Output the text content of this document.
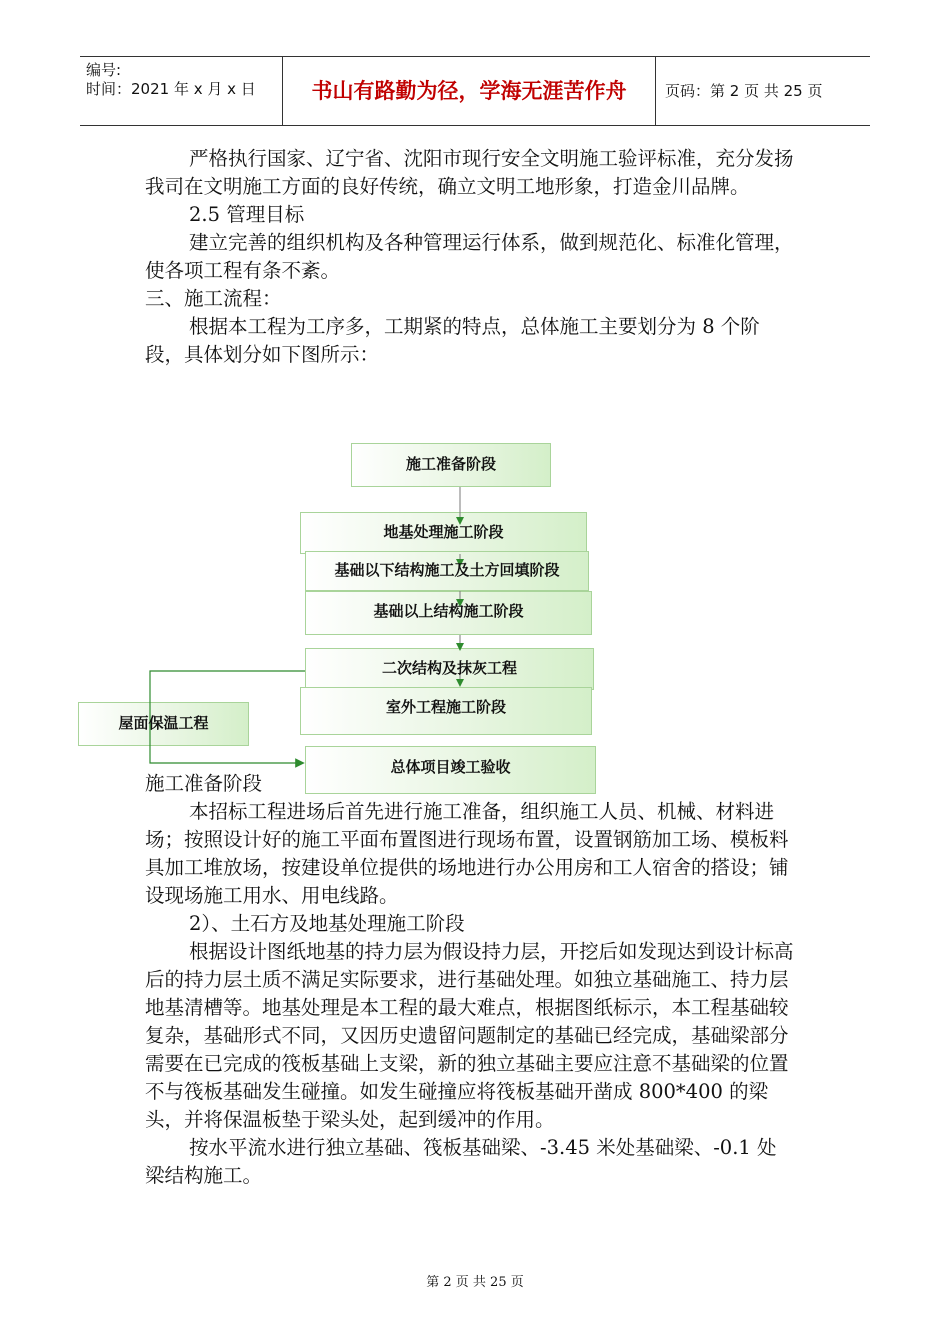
编号:
时间：2021 年 x 月 x 日	书山有路勤为径，学海无涯苦作舟	页码：第 2 页 共 25 页

严格执行国家、辽宁省、沈阳市现行安全文明施工验评标准，充分发扬我司在文明施工方面的良好传统，确立文明工地形象，打造金川品牌。

2.5 管理目标

建立完善的组织机构及各种管理运行体系，做到规范化、标准化管理，使各项工程有条不紊。

三、施工流程：

根据本工程为工序多，工期紧的特点，总体施工主要划分为 8 个阶段，具体划分如下图所示：

施工准备阶段
地基处理施工阶段
基础以下结构施工及土方回填阶段
基础以上结构施工阶段
二次结构及抹灰工程
室外工程施工阶段
屋面保温工程
总体项目竣工验收

施工准备阶段

本招标工程进场后首先进行施工准备，组织施工人员、机械、材料进场；按照设计好的施工平面布置图进行现场布置，设置钢筋加工场、模板料具加工堆放场，按建设单位提供的场地进行办公用房和工人宿舍的搭设；铺设现场施工用水、用电线路。

2）、土石方及地基处理施工阶段

根据设计图纸地基的持力层为假设持力层，开挖后如发现达到设计标高后的持力层土质不满足实际要求，进行基础处理。如独立基础施工、持力层地基清槽等。地基处理是本工程的最大难点，根据图纸标示，本工程基础较复杂，基础形式不同，又因历史遗留问题制定的基础已经完成，基础梁部分需要在已完成的筏板基础上支梁，新的独立基础主要应注意不基础梁的位置不与筏板基础发生碰撞。如发生碰撞应将筏板基础开凿成 800*400 的梁头，并将保温板垫于梁头处，起到缓冲的作用。

按水平流水进行独立基础、筏板基础梁、-3.45 米处基础梁、-0.1 处梁结构施工。

第 2 页 共 25 页
